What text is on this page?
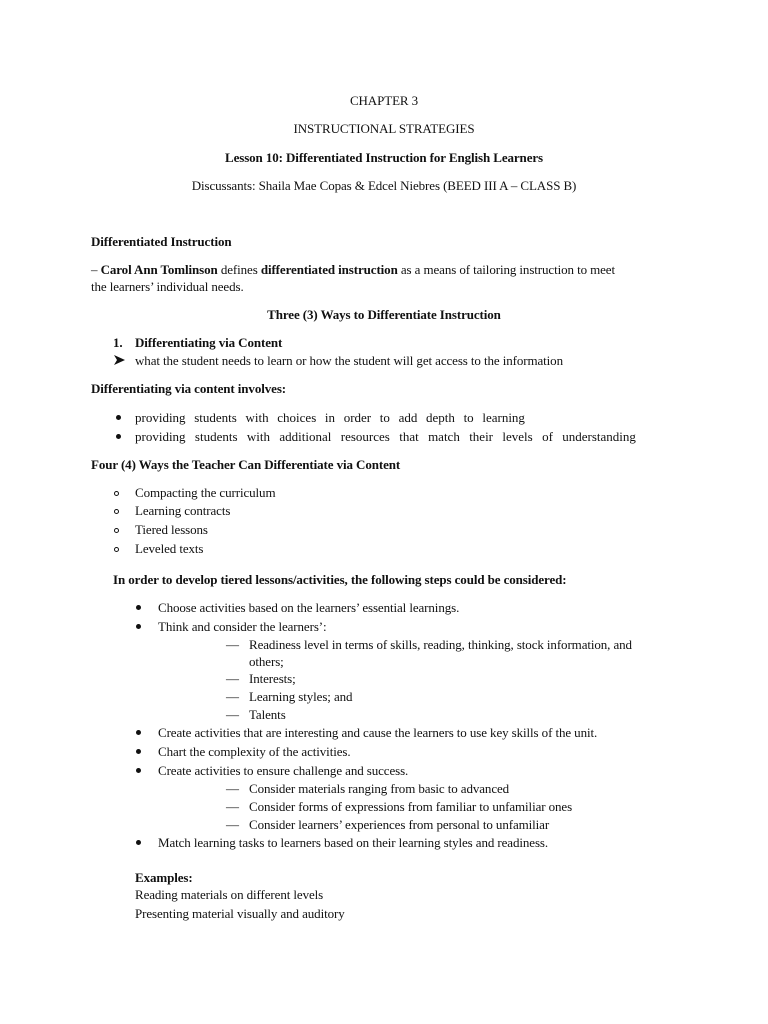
CHAPTER 3
INSTRUCTIONAL STRATEGIES
Lesson 10: Differentiated Instruction for English Learners
Discussants: Shaila Mae Copas & Edcel Niebres (BEED III A – CLASS B)
Differentiated Instruction
– Carol Ann Tomlinson defines differentiated instruction as a means of tailoring instruction to meet
the learners’ individual needs.
Three (3) Ways to Differentiate Instruction
1. Differentiating via Content
what the student needs to learn or how the student will get access to the information
Differentiating via content involves:
providing students with choices in order to add depth to learning
providing students with additional resources that match their levels of understanding
Four (4) Ways the Teacher Can Differentiate via Content
Compacting the curriculum
Learning contracts
Tiered lessons
Leveled texts
In order to develop tiered lessons/activities, the following steps could be considered:
Choose activities based on the learners’ essential learnings.
Think and consider the learners’:
— Readiness level in terms of skills, reading, thinking, stock information, and
others;
— Interests;
— Learning styles; and
— Talents
Create activities that are interesting and cause the learners to use key skills of the unit.
Chart the complexity of the activities.
Create activities to ensure challenge and success.
— Consider materials ranging from basic to advanced
— Consider forms of expressions from familiar to unfamiliar ones
— Consider learners’ experiences from personal to unfamiliar
Match learning tasks to learners based on their learning styles and readiness.
Examples:
Reading materials on different levels
Presenting material visually and auditory
